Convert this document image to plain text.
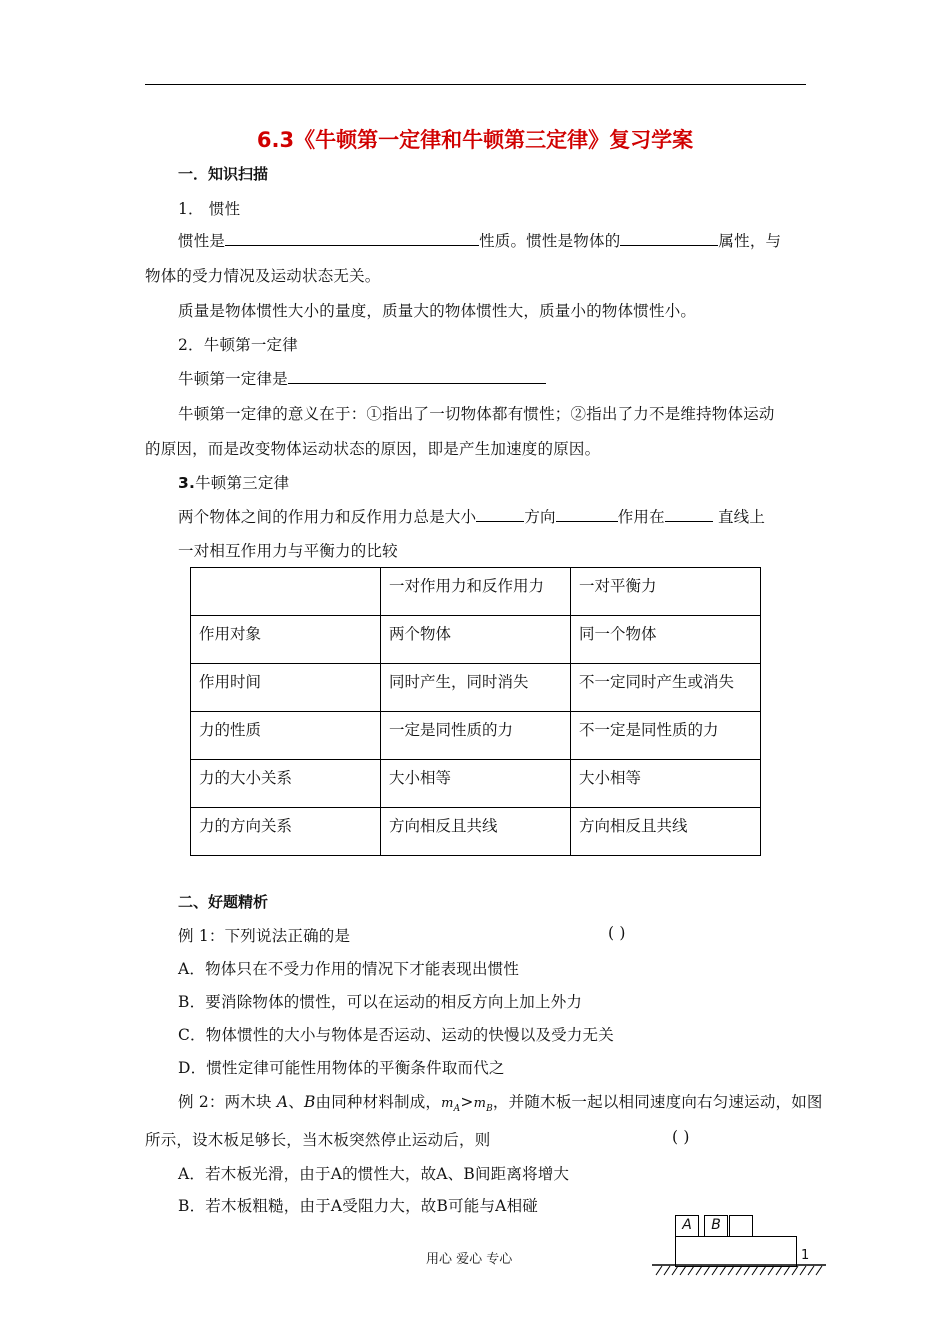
6.3《牛顿第一定律和牛顿第三定律》复习学案
一．知识扫描
1． 惯性
惯性是	性质。惯性是物体的	属性，与
物体的受力情况及运动状态无关。
质量是物体惯性大小的量度，质量大的物体惯性大，质量小的物体惯性小。
2．牛顿第一定律
牛顿第一定律是
牛顿第一定律的意义在于：①指出了一切物体都有惯性；②指出了力不是维持物体运动
的原因，而是改变物体运动状态的原因，即是产生加速度的原因。
3.牛顿第三定律
两个物体之间的作用力和反作用力总是大小	方向	作用在	直线上
一对相互作用力与平衡力的比较
	一对作用力和反作用力	一对平衡力
作用对象	两个物体	同一个物体
作用时间	同时产生，同时消失	不一定同时产生或消失
力的性质	一定是同性质的力	不一定是同性质的力
力的大小关系	大小相等	大小相等
力的方向关系	方向相反且共线	方向相反且共线
二、好题精析
例 1：下列说法正确的是	( )
A．物体只在不受力作用的情况下才能表现出惯性
B．要消除物体的惯性，可以在运动的相反方向上加上外力
C．物体惯性的大小与物体是否运动、运动的快慢以及受力无关
D．惯性定律可能性用物体的平衡条件取而代之
例 2：两木块 A、B由同种材料制成，$m_A>m_B$，并随木板一起以相同速度向右匀速运动，如图
所示，设木板足够长，当木板突然停止运动后，则	( )
A．若木板光滑，由于A的惯性大，故A、B间距离将增大
B．若木板粗糙，由于A受阻力大，故B可能与A相碰
A	B
用心 爱心 专心	1
